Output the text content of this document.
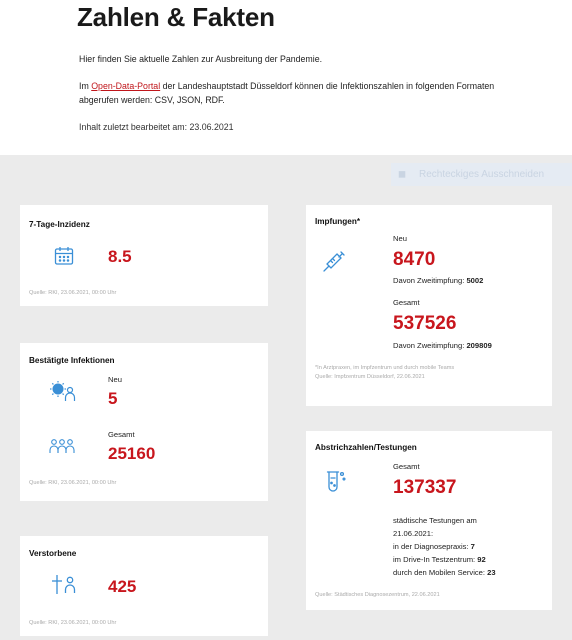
Zahlen & Fakten

Hier finden Sie aktuelle Zahlen zur Ausbreitung der Pandemie.

Im Open-Data-Portal der Landeshauptstadt Düsseldorf können die Infektionszahlen in folgenden Formaten abgerufen werden: CSV, JSON, RDF.

Inhalt zuletzt bearbeitet am: 23.06.2021

◼	Rechteckiges Ausschneiden
7-Tage-Inzidenz
8.5
Quelle: RKI, 23.06.2021, 00:00 Uhr
Bestätigte Infektionen
Neu
5
Gesamt
25160
Quelle: RKI, 23.06.2021, 00:00 Uhr
Verstorbene
425
Quelle: RKI, 23.06.2021, 00:00 Uhr
Impfungen*
Neu
8470
Davon Zweitimpfung: 5002
Gesamt
537526
Davon Zweitimpfung: 209809
*In Arztpraxen, im Impfzentrum und durch mobile Teams
Quelle: Impfzentrum Düsseldorf, 22.06.2021
Abstrichzahlen/Testungen
Gesamt
137337
städtische Testungen am
21.06.2021:
in der Diagnosepraxis: 7
im Drive-In Testzentrum: 92
durch den Mobilen Service: 23
Quelle: Städtisches Diagnosezentrum, 22.06.2021
